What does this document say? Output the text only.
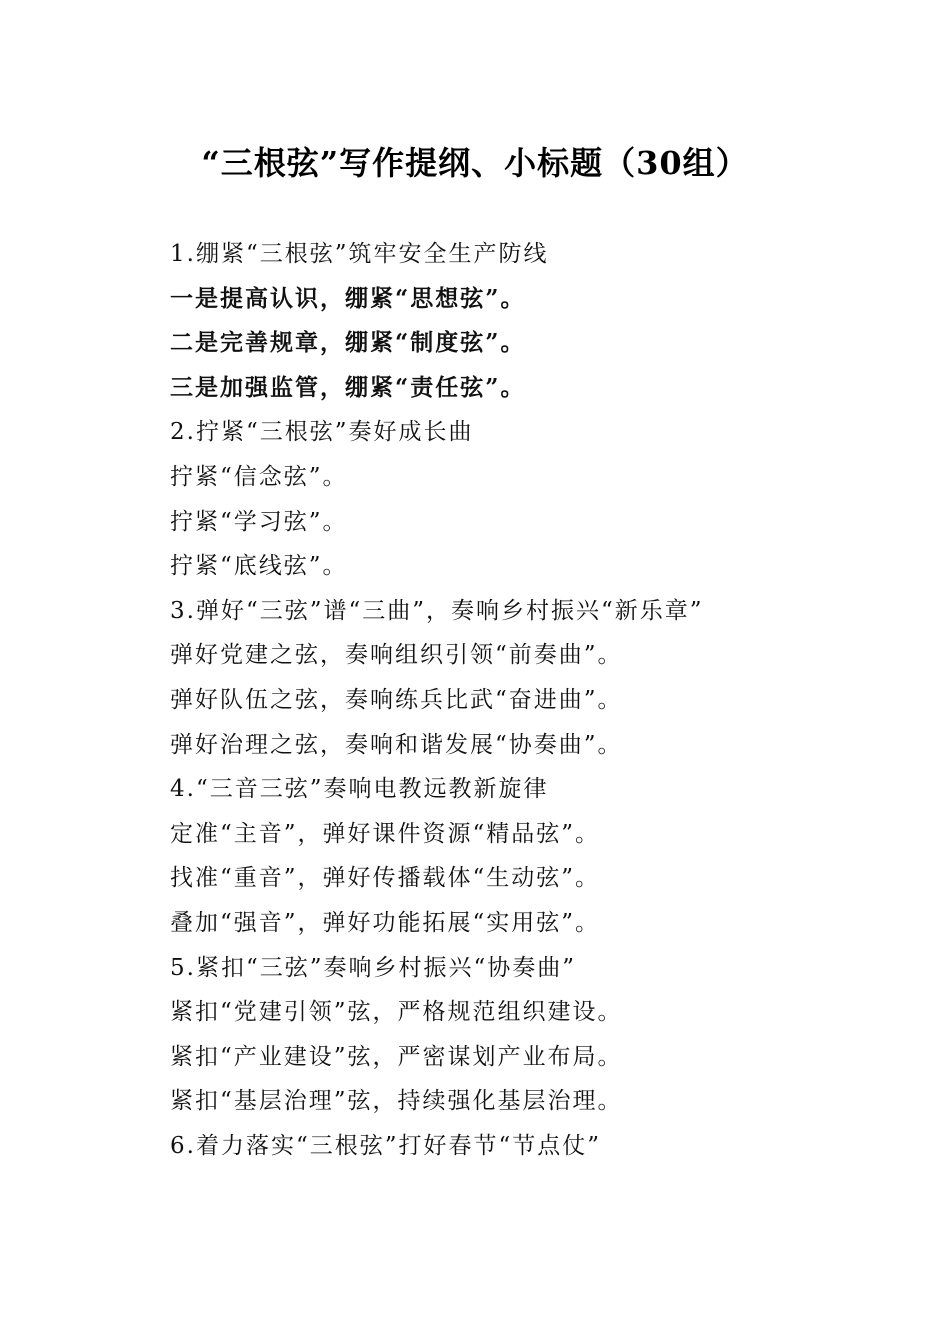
“三根弦”写作提纲、小标题（30组）
1.绷紧“三根弦”筑牢安全生产防线
一是提高认识，绷紧“思想弦”。
二是完善规章，绷紧“制度弦”。
三是加强监管，绷紧“责任弦”。
2.拧紧“三根弦”奏好成长曲
拧紧“信念弦”。
拧紧“学习弦”。
拧紧“底线弦”。
3.弹好“三弦”谱“三曲”，奏响乡村振兴“新乐章”
弹好党建之弦，奏响组织引领“前奏曲”。
弹好队伍之弦，奏响练兵比武“奋进曲”。
弹好治理之弦，奏响和谐发展“协奏曲”。
4.“三音三弦”奏响电教远教新旋律
定准“主音”，弹好课件资源“精品弦”。
找准“重音”，弹好传播载体“生动弦”。
叠加“强音”，弹好功能拓展“实用弦”。
5.紧扣“三弦”奏响乡村振兴“协奏曲”
紧扣“党建引领”弦，严格规范组织建设。
紧扣“产业建设”弦，严密谋划产业布局。
紧扣“基层治理”弦，持续强化基层治理。
6.着力落实“三根弦”打好春节“节点仗”
